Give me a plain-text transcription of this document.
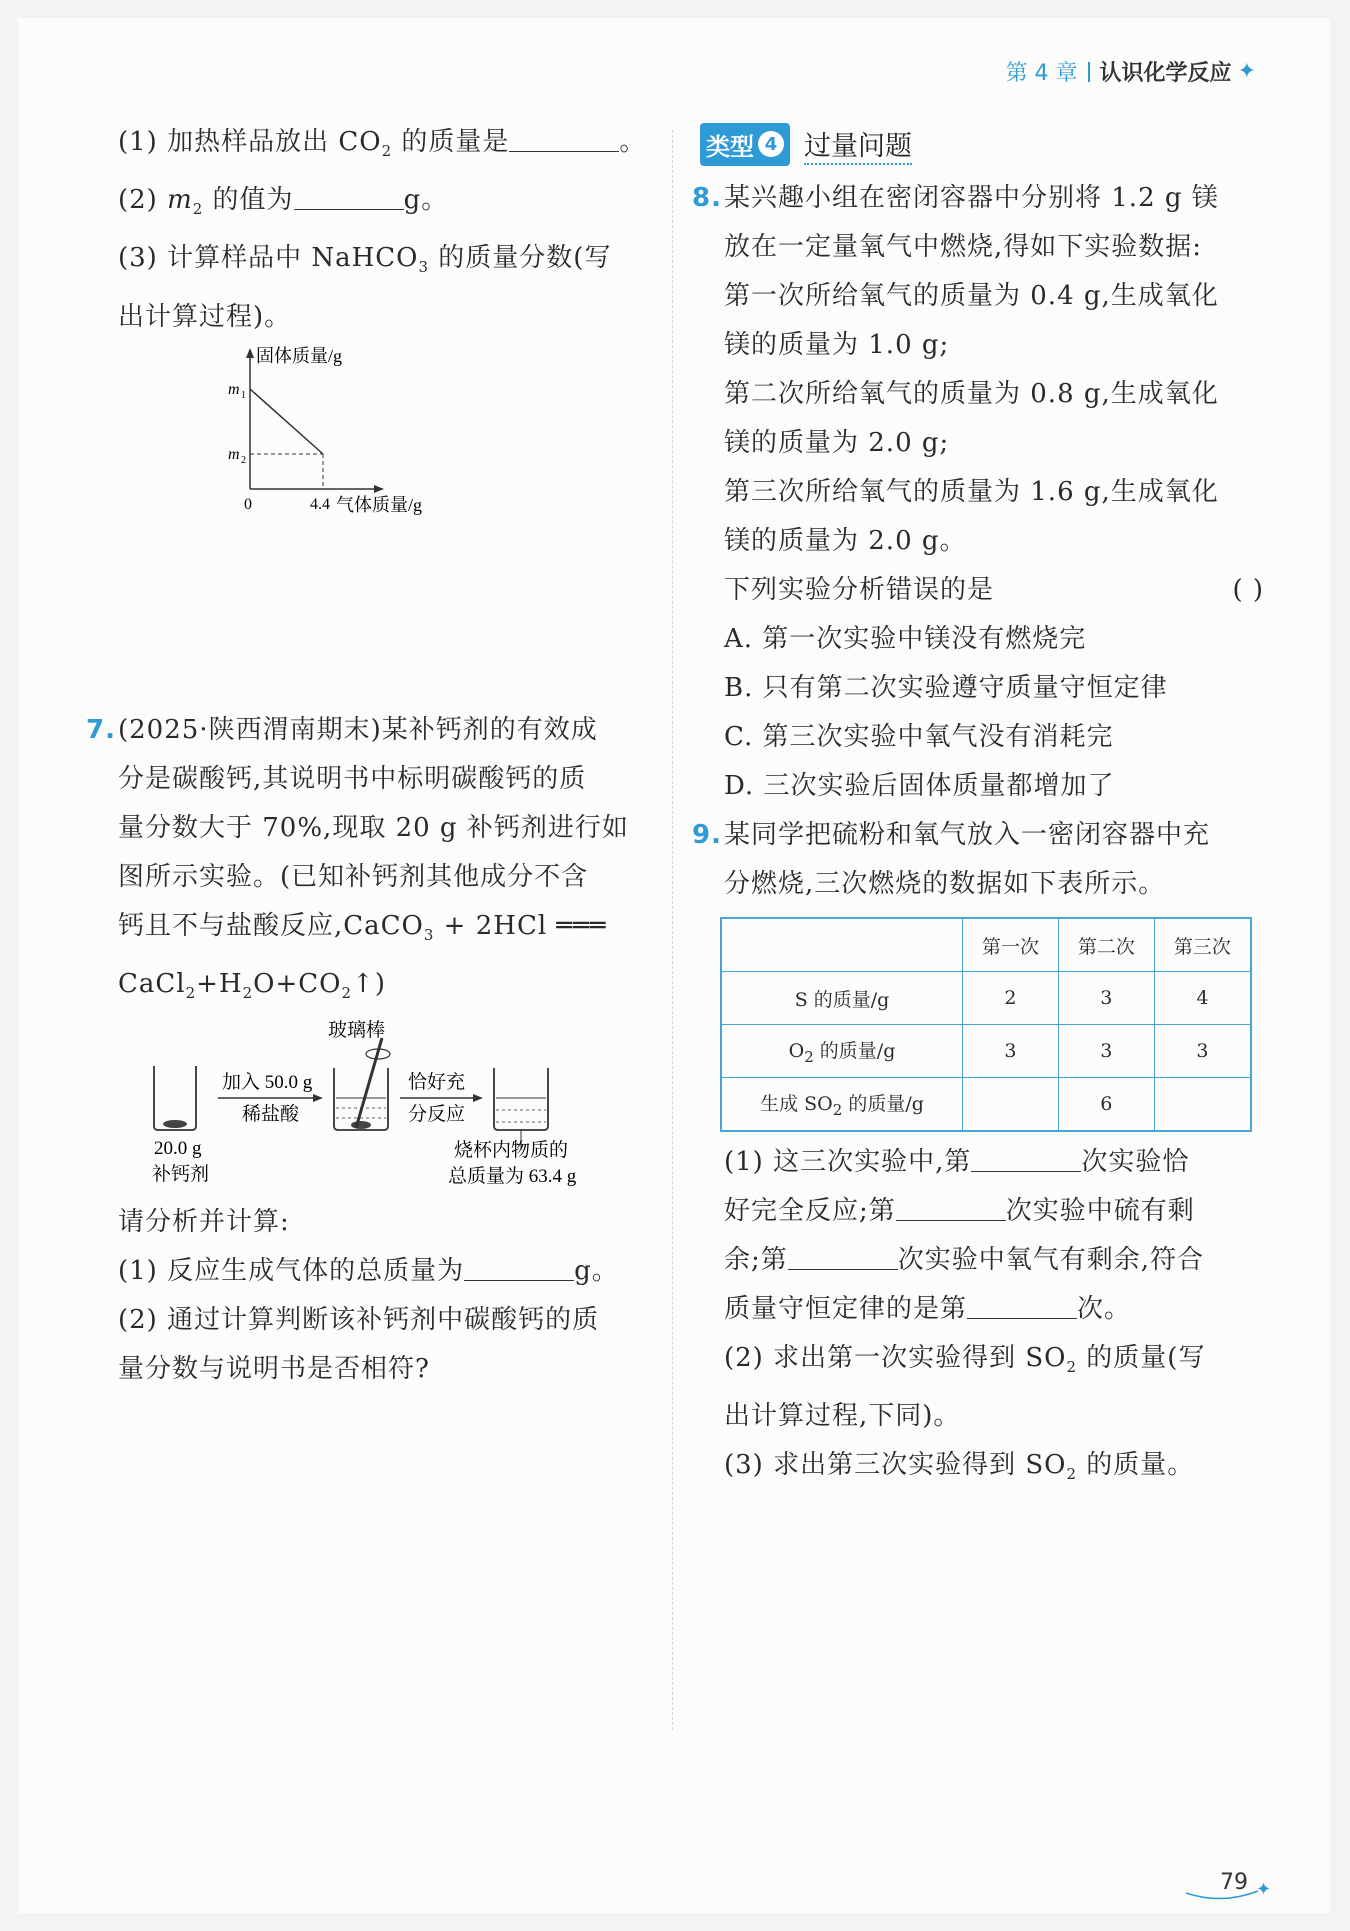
第 4 章 认识化学反应 ✦
(1) 加热样品放出 $CO_2$ 的质量是	。
(2) $m_2$ 的值为	g。
(3) 计算样品中 NaHCO$_3$ 的质量分数(写
出计算过程)。
固体质量/g
m 1
m 2
0	4.4 气体质量/g
7. (2025·陕西渭南期末)某补钙剂的有效成
分是碳酸钙,其说明书中标明碳酸钙的质
量分数大于 70%,现取 20 g 补钙剂进行如
图所示实验。(已知补钙剂其他成分不含
钙且不与盐酸反应,CaCO$_3$ + 2HCl ═══
$CaCl_2+H_2O+CO_2↑$)
玻璃棒
加入 50.0 g
稀盐酸
恰好充
分反应
20.0 g
补钙剂
烧杯内物质的
总质量为 63.4 g
请分析并计算:
(1) 反应生成气体的总质量为	g。
(2) 通过计算判断该补钙剂中碳酸钙的质
量分数与说明书是否相符?
类型 4 过量问题
8. 某兴趣小组在密闭容器中分别将 1.2 g 镁
放在一定量氧气中燃烧,得如下实验数据:
第一次所给氧气的质量为 0.4 g,生成氧化
镁的质量为 1.0 g;
第二次所给氧气的质量为 0.8 g,生成氧化
镁的质量为 2.0 g;
第三次所给氧气的质量为 1.6 g,生成氧化
镁的质量为 2.0 g。
下列实验分析错误的是	( )
A. 第一次实验中镁没有燃烧完
B. 只有第二次实验遵守质量守恒定律
C. 第三次实验中氧气没有消耗完
D. 三次实验后固体质量都增加了
9. 某同学把硫粉和氧气放入一密闭容器中充
分燃烧,三次燃烧的数据如下表所示。
	第一次	第二次	第三次
S 的质量/g	2	3	4
$O_2$ 的质量/g	3	3	3
生成 $SO_2$ 的质量/g		6	
(1) 这三次实验中,第	次实验恰
好完全反应;第	次实验中硫有剩
余;第	次实验中氧气有剩余,符合
质量守恒定律的是第	次。
(2) 求出第一次实验得到 $SO_2$ 的质量(写
出计算过程,下同)。
(3) 求出第三次实验得到 $SO_2$ 的质量。
✦
79
